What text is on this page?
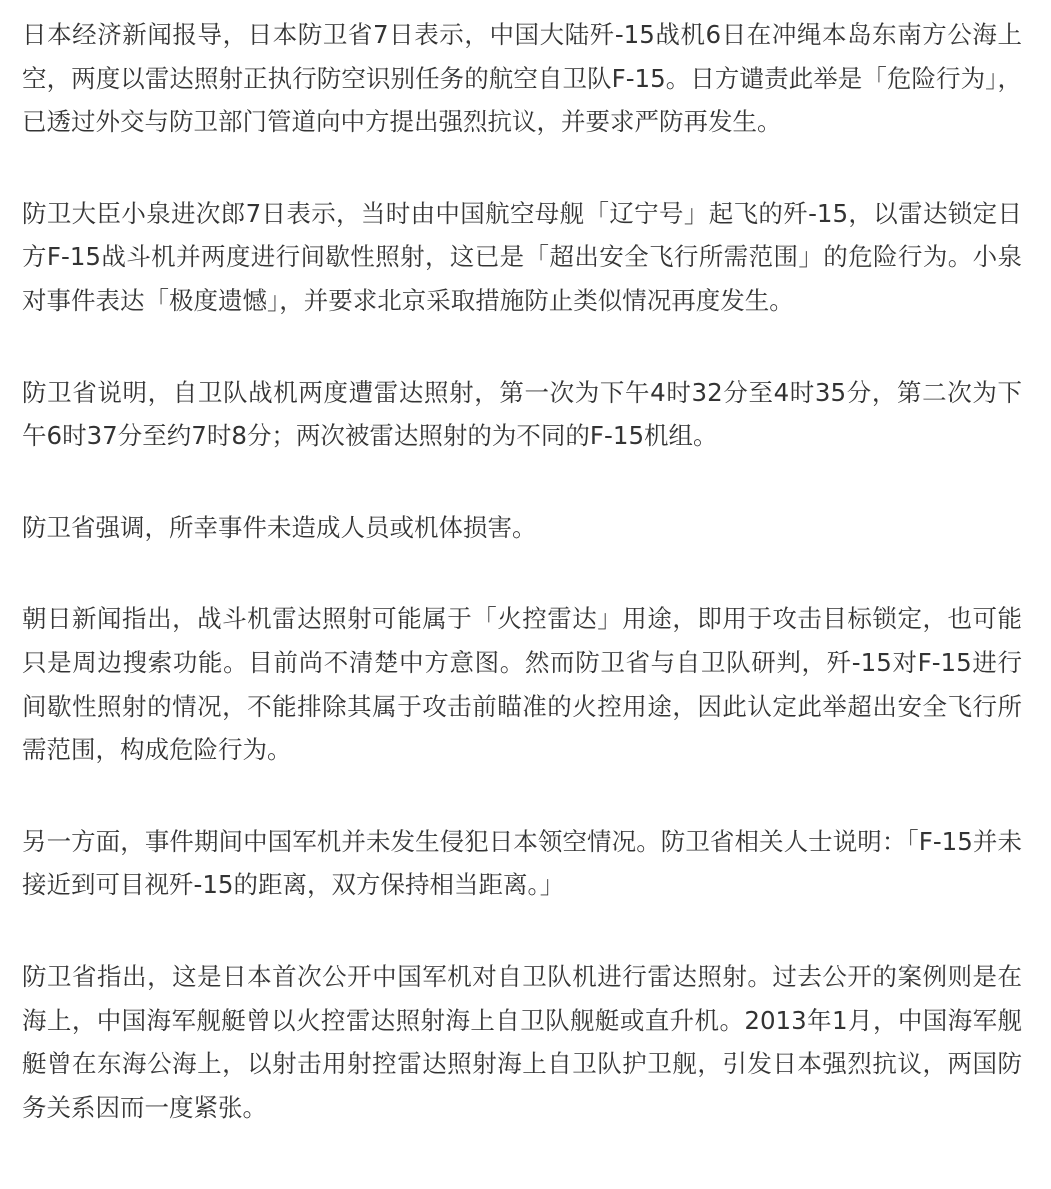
日本经济新闻报导，日本防卫省7日表示，中国大陆歼-15战机6日在冲绳本岛东南方公海上空，两度以雷达照射正执行防空识别任务的航空自卫队F-15。日方谴责此举是「危险行为」，已透过外交与防卫部门管道向中方提出强烈抗议，并要求严防再发生。

防卫大臣小泉进次郎7日表示，当时由中国航空母舰「辽宁号」起飞的歼-15，以雷达锁定日方F-15战斗机并两度进行间歇性照射，这已是「超出安全飞行所需范围」的危险行为。小泉对事件表达「极度遗憾」，并要求北京采取措施防止类似情况再度发生。

防卫省说明，自卫队战机两度遭雷达照射，第一次为下午4时32分至4时35分，第二次为下午6时37分至约7时8分；两次被雷达照射的为不同的F-15机组。

防卫省强调，所幸事件未造成人员或机体损害。

朝日新闻指出，战斗机雷达照射可能属于「火控雷达」用途，即用于攻击目标锁定，也可能只是周边搜索功能。目前尚不清楚中方意图。然而防卫省与自卫队研判，歼-15对F-15进行间歇性照射的情况，不能排除其属于攻击前瞄准的火控用途，因此认定此举超出安全飞行所需范围，构成危险行为。

另一方面，事件期间中国军机并未发生侵犯日本领空情况。防卫省相关人士说明：「F-15并未接近到可目视歼-15的距离，双方保持相当距离。」

防卫省指出，这是日本首次公开中国军机对自卫队机进行雷达照射。过去公开的案例则是在海上，中国海军舰艇曾以火控雷达照射海上自卫队舰艇或直升机。2013年1月，中国海军舰艇曾在东海公海上，以射击用射控雷达照射海上自卫队护卫舰，引发日本强烈抗议，两国防务关系因而一度紧张。
